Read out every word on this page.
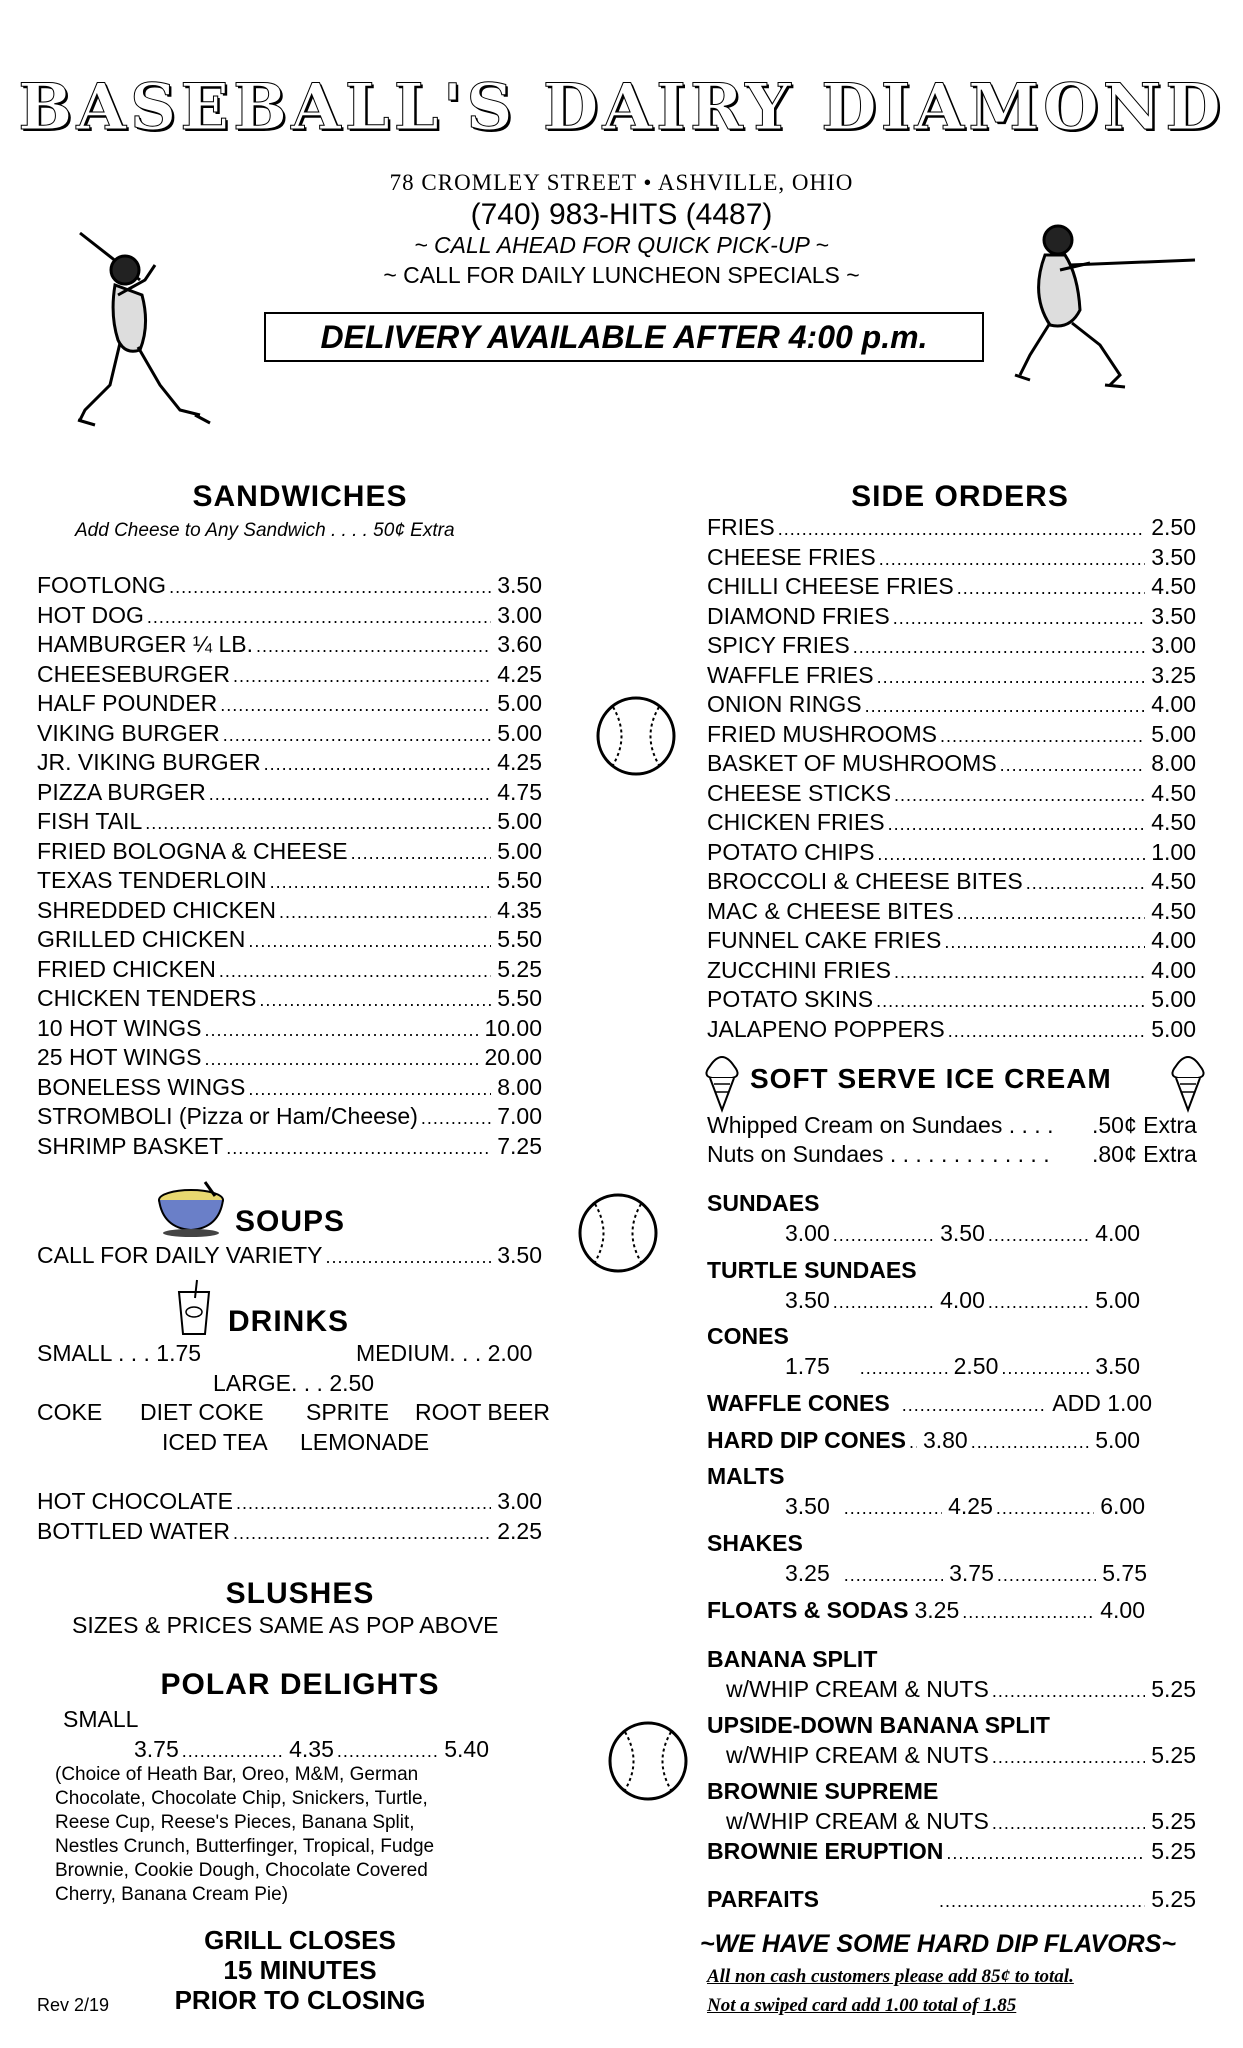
BASEBALL'S DAIRY DIAMOND
78 CROMLEY STREET • ASHVILLE, OHIO
(740) 983-HITS (4487)
~ CALL AHEAD FOR QUICK PICK-UP ~
~ CALL FOR DAILY LUNCHEON SPECIALS ~
DELIVERY AVAILABLE AFTER 4:00 p.m.
SANDWICHES
Add Cheese to Any Sandwich . . . . 50¢ Extra
FOOTLONG .....	3.50
HOT DOG .....	3.00
HAMBURGER ¼ LB. .....	3.60
CHEESEBURGER .....	4.25
HALF POUNDER .....	5.00
VIKING BURGER .....	5.00
JR. VIKING BURGER .....	4.25
PIZZA BURGER .....	4.75
FISH TAIL .....	5.00
FRIED BOLOGNA & CHEESE .....	5.00
TEXAS TENDERLOIN .....	5.50
SHREDDED CHICKEN .....	4.35
GRILLED CHICKEN .....	5.50
FRIED CHICKEN .....	5.25
CHICKEN TENDERS .....	5.50
10 HOT WINGS .....	10.00
25 HOT WINGS .....	20.00
BONELESS WINGS .....	8.00
STROMBOLI (Pizza or Ham/Cheese) .....	7.00
SHRIMP BASKET .....	7.25
SOUPS
CALL FOR DAILY VARIETY .....	3.50
DRINKS
SMALL . . . 1.75	MEDIUM. . . 2.00
LARGE. . . 2.50
COKE DIET COKE SPRITE ROOT BEER
ICED TEA LEMONADE
HOT CHOCOLATE .....	3.00
BOTTLED WATER .....	2.25
SLUSHES
SIZES & PRICES SAME AS POP ABOVE
POLAR DELIGHTS
SMALL
3.75 .....	4.35 .....	5.40
(Choice of Heath Bar, Oreo, M&M, German
Chocolate, Chocolate Chip, Snickers, Turtle,
Reese Cup, Reese's Pieces, Banana Split,
Nestles Crunch, Butterfinger, Tropical, Fudge
Brownie, Cookie Dough, Chocolate Covered
Cherry, Banana Cream Pie)
GRILL CLOSES
15 MINUTES
PRIOR TO CLOSING
Rev 2/19
SIDE ORDERS
FRIES .....	2.50
CHEESE FRIES .....	3.50
CHILLI CHEESE FRIES .....	4.50
DIAMOND FRIES .....	3.50
SPICY FRIES .....	3.00
WAFFLE FRIES .....	3.25
ONION RINGS .....	4.00
FRIED MUSHROOMS .....	5.00
BASKET OF MUSHROOMS .....	8.00
CHEESE STICKS .....	4.50
CHICKEN FRIES .....	4.50
POTATO CHIPS .....	1.00
BROCCOLI & CHEESE BITES .....	4.50
MAC & CHEESE BITES .....	4.50
FUNNEL CAKE FRIES .....	4.00
ZUCCHINI FRIES .....	4.00
POTATO SKINS .....	5.00
JALAPENO POPPERS .....	5.00
SOFT SERVE ICE CREAM
Whipped Cream on Sundaes . . . . .50¢ Extra
Nuts on Sundaes . . . . . . . . . . . . . .80¢ Extra
SUNDAES
3.00 .....	3.50 .....	4.00
TURTLE SUNDAES
3.50 .....	4.00 .....	5.00
CONES
1.75 .....	2.50 .....	3.50
WAFFLE CONES .....	ADD 1.00
HARD DIP CONES ..... 3.80 .....	5.00
MALTS
3.50 .....	4.25 .....	6.00
SHAKES
3.25 .....	3.75 .....	5.75
FLOATS & SODAS 3.25 .....	4.00
BANANA SPLIT
w/WHIP CREAM & NUTS .....	5.25
UPSIDE-DOWN BANANA SPLIT
w/WHIP CREAM & NUTS .....	5.25
BROWNIE SUPREME
w/WHIP CREAM & NUTS .....	5.25
BROWNIE ERUPTION .....	5.25
PARFAITS .....	5.25
~WE HAVE SOME HARD DIP FLAVORS~
All non cash customers please add 85¢ to total.
Not a swiped card add 1.00 total of 1.85
